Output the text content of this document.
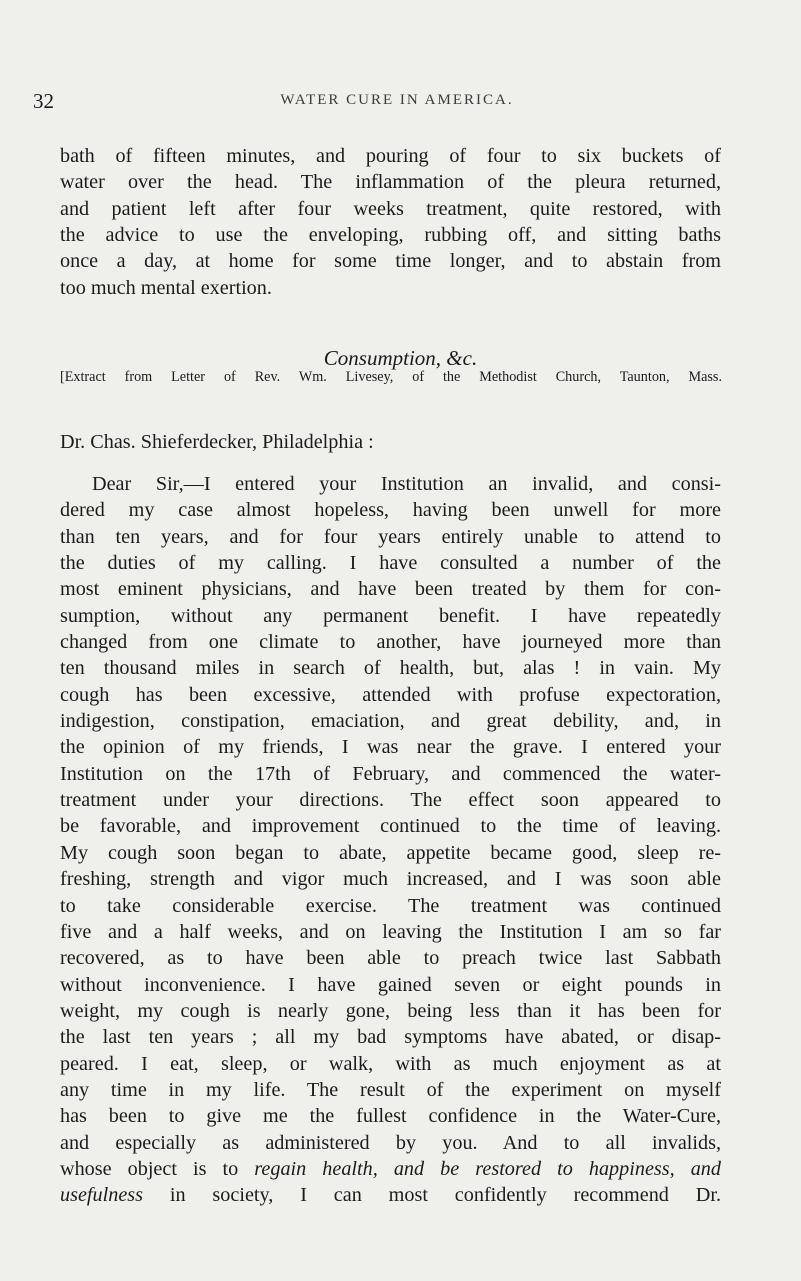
32	WATER CURE IN AMERICA.
bath of fifteen minutes, and pouring of four to six buckets of
water over the head. The inflammation of the pleura returned,
and patient left after four weeks treatment, quite restored, with
the advice to use the enveloping, rubbing off, and sitting baths
once a day, at home for some time longer, and to abstain from
too much mental exertion.
Consumption, &c.
[Extract from Letter of Rev. Wm. Livesey, of the Methodist Church, Taunton, Mass.
Dr. Chas. Shieferdecker, Philadelphia :
Dear Sir,—I entered your Institution an invalid, and consi-
dered my case almost hopeless, having been unwell for more
than ten years, and for four years entirely unable to attend to
the duties of my calling. I have consulted a number of the
most eminent physicians, and have been treated by them for con-
sumption, without any permanent benefit. I have repeatedly
changed from one climate to another, have journeyed more than
ten thousand miles in search of health, but, alas ! in vain. My
cough has been excessive, attended with profuse expectoration,
indigestion, constipation, emaciation, and great debility, and, in
the opinion of my friends, I was near the grave. I entered your
Institution on the 17th of February, and commenced the water-
treatment under your directions. The effect soon appeared to
be favorable, and improvement continued to the time of leaving.
My cough soon began to abate, appetite became good, sleep re-
freshing, strength and vigor much increased, and I was soon able
to take considerable exercise. The treatment was continued
five and a half weeks, and on leaving the Institution I am so far
recovered, as to have been able to preach twice last Sabbath
without inconvenience. I have gained seven or eight pounds in
weight, my cough is nearly gone, being less than it has been for
the last ten years ; all my bad symptoms have abated, or disap-
peared. I eat, sleep, or walk, with as much enjoyment as at
any time in my life. The result of the experiment on myself
has been to give me the fullest confidence in the Water-Cure,
and especially as administered by you. And to all invalids,
whose object is to regain health, and be restored to happiness, and
usefulness in society, I can most confidently recommend Dr.
